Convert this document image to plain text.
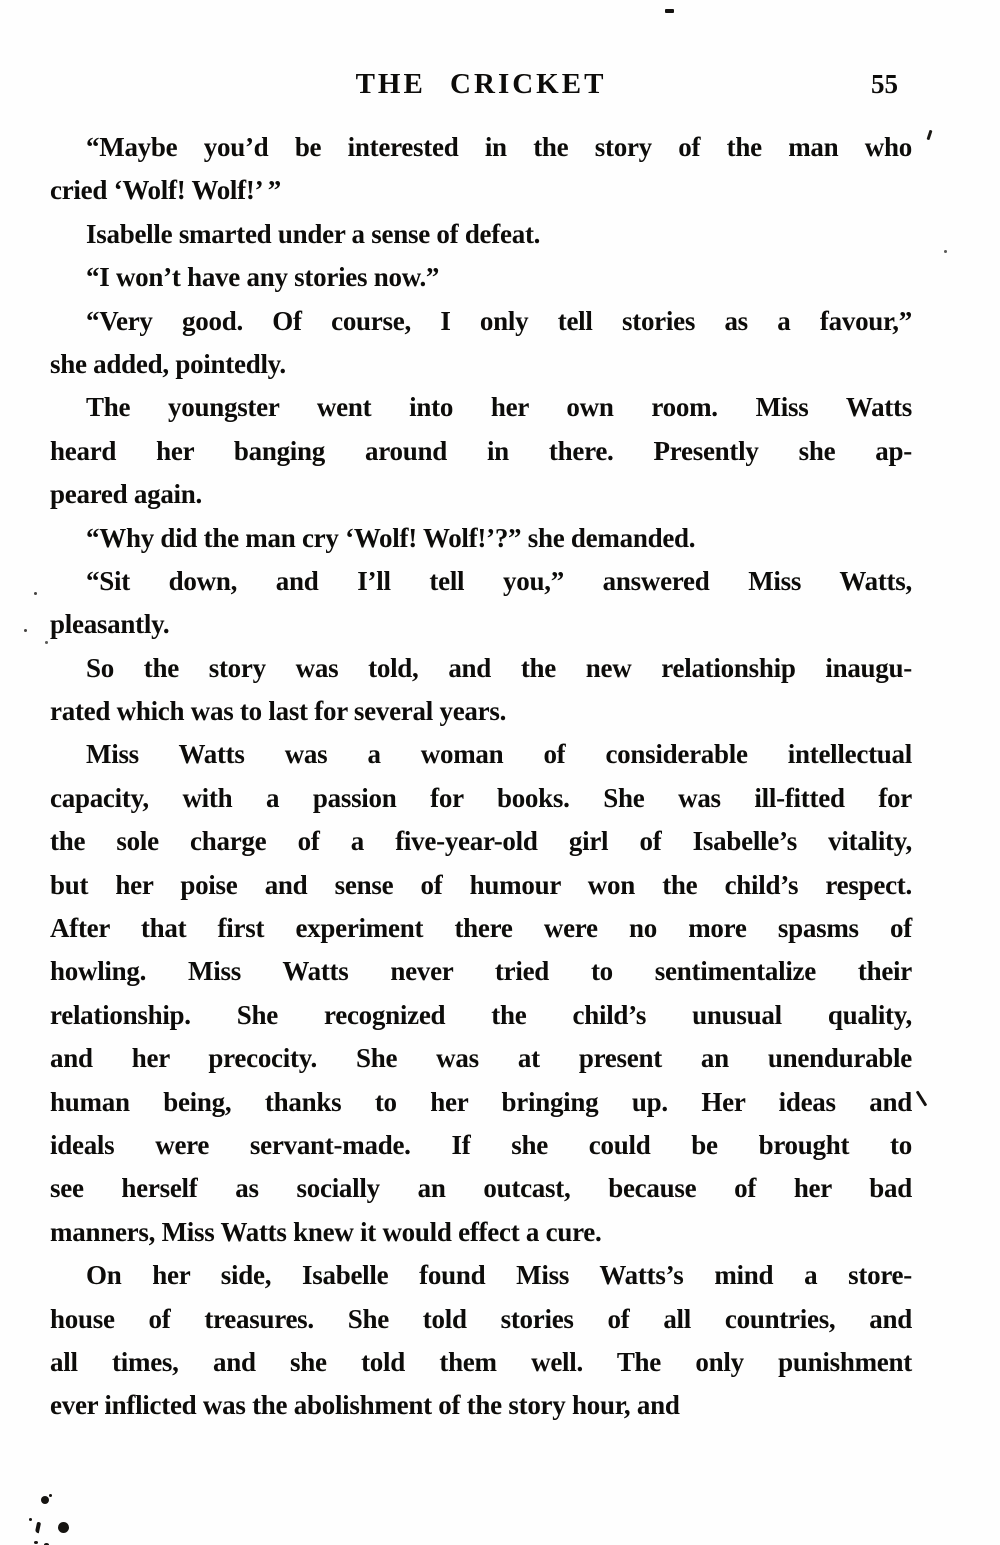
THE CRICKET	55
“Maybe you’d be interested in the story of the man who
cried ‘Wolf! Wolf!’ ”
Isabelle smarted under a sense of defeat.
“I won’t have any stories now.”
“Very good. Of course, I only tell stories as a favour,”
she added, pointedly.
The youngster went into her own room. Miss Watts
heard her banging around in there. Presently she ap-
peared again.
“Why did the man cry ‘Wolf! Wolf!’?” she demanded.
“Sit down, and I’ll tell you,” answered Miss Watts,
pleasantly.
So the story was told, and the new relationship inaugu-
rated which was to last for several years.
Miss Watts was a woman of considerable intellectual
capacity, with a passion for books. She was ill-fitted for
the sole charge of a five-year-old girl of Isabelle’s vitality,
but her poise and sense of humour won the child’s respect.
After that first experiment there were no more spasms of
howling. Miss Watts never tried to sentimentalize their
relationship. She recognized the child’s unusual quality,
and her precocity. She was at present an unendurable
human being, thanks to her bringing up. Her ideas and
ideals were servant-made. If she could be brought to
see herself as socially an outcast, because of her bad
manners, Miss Watts knew it would effect a cure.
On her side, Isabelle found Miss Watts’s mind a store-
house of treasures. She told stories of all countries, and
all times, and she told them well. The only punishment
ever inflicted was the abolishment of the story hour, and
